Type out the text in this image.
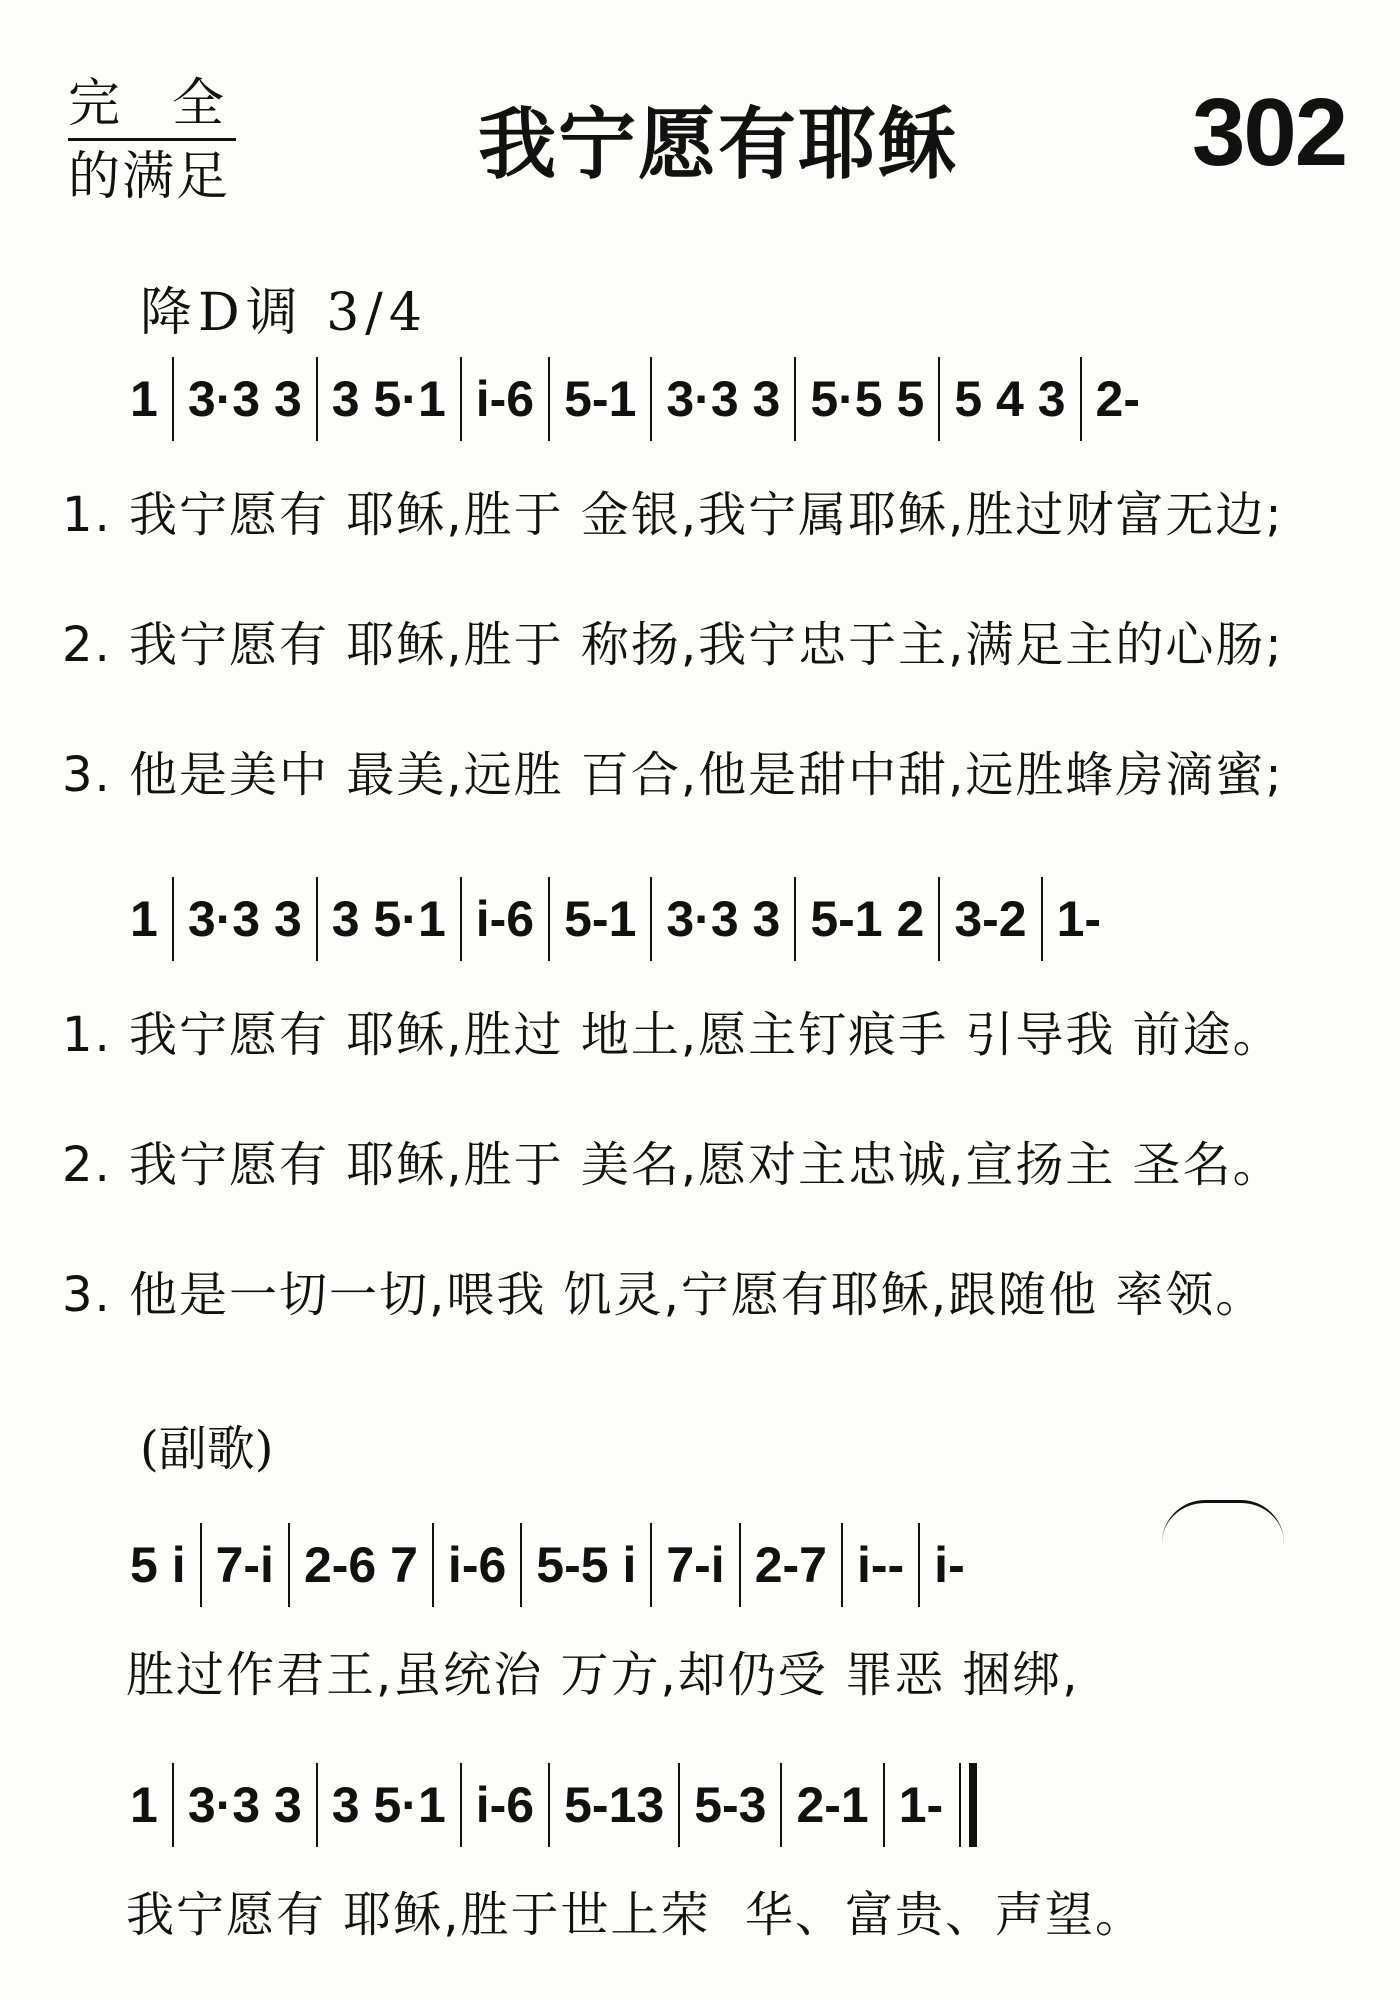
完全
的满足	我宁愿有耶稣 302
降D调 3/4
1 3·3 3 3 5·1 i-6 5-1 3·3 3 5·5 5 5 4 3 2-
1. 我宁愿有 耶稣,胜于 金银,我宁属耶稣,胜过财富无边;
2. 我宁愿有 耶稣,胜于 称扬,我宁忠于主,满足主的心肠;
3. 他是美中 最美,远胜 百合,他是甜中甜,远胜蜂房滴蜜;
1 3·3 3 3 5·1 i-6 5-1 3·3 3 5-1 2 3-2 1-
1. 我宁愿有 耶稣,胜过 地土,愿主钉痕手 引导我 前途。
2. 我宁愿有 耶稣,胜于 美名,愿对主忠诚,宣扬主 圣名。
3. 他是一切一切,喂我 饥灵,宁愿有耶稣,跟随他 率领。
(副歌)
5 i 7-i 2-6 7 i-6 5-5 i 7-i 2-7 i-- i-
胜过作君王,虽统治 万方,却仍受 罪恶 捆绑,
1 3·3 3 3 5·1 i-6 5-13 5-3 2-1 1-
我宁愿有 耶稣,胜于世上荣  华、富贵、声望。
